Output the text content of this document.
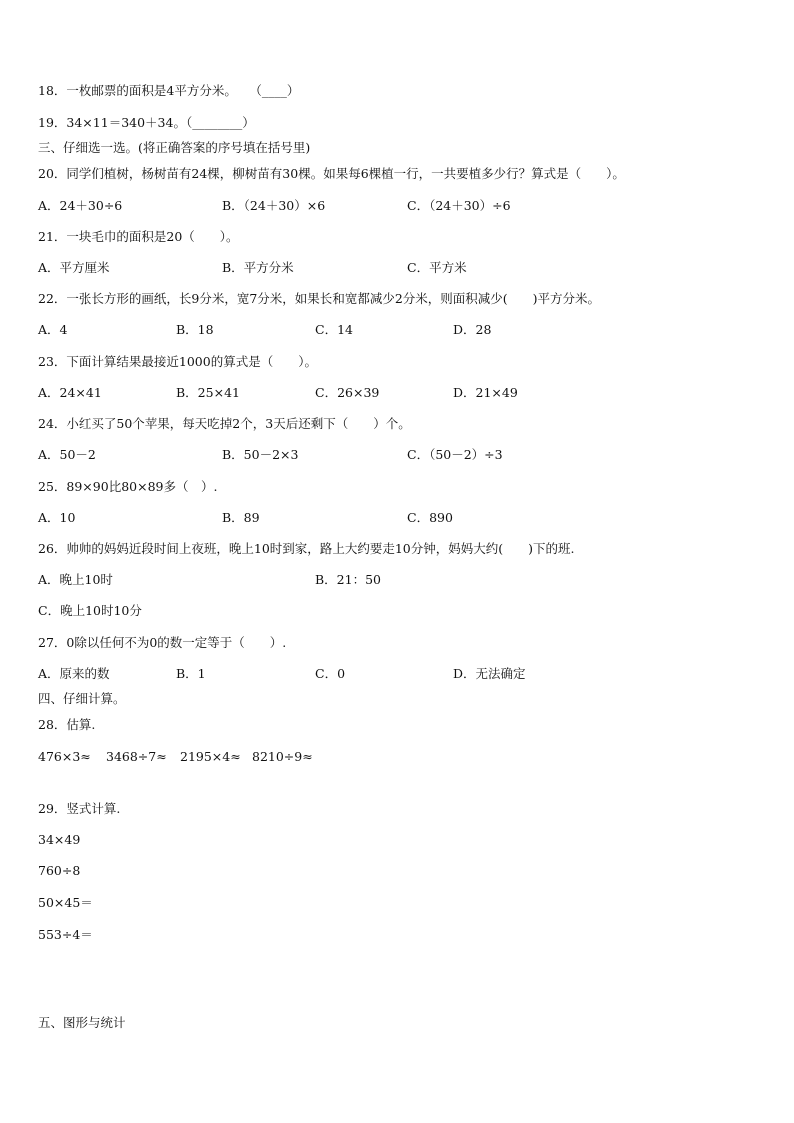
18．一枚邮票的面积是4平方分米。　　（____）
19．34×11＝340＋34。（________）
三、仔细选一选。(将正确答案的序号填在括号里)
20．同学们植树，杨树苗有24棵，柳树苗有30棵。如果每6棵植一行，一共要植多少行？算式是（　　）。
A．24＋30÷6	B．（24＋30）×6	C．（24＋30）÷6
21．一块毛巾的面积是20（　　）。
A．平方厘米	B．平方分米	C．平方米
22．一张长方形的画纸，长9分米，宽7分米，如果长和宽都减少2分米，则面积减少(　　)平方分米。
A．4	B．18	C．14	D．28
23．下面计算结果最接近1000的算式是（　　）。
A．24×41	B．25×41	C．26×39	D．21×49
24．小红买了50个苹果，每天吃掉2个，3天后还剩下（　　）个。
A．50－2	B．50－2×3	C．（50－2）÷3
25．89×90比80×89多（　）.
A．10	B．89	C．890
26．帅帅的妈妈近段时间上夜班，晚上10时到家，路上大约要走10分钟，妈妈大约(　　)下的班.
A．晚上10时	B．21：50
C．晚上10时10分
27．0除以任何不为0的数一定等于（　　）.
A．原来的数	B．1	C．0	D．无法确定
四、仔细计算。
28．估算.
476×3≈ 3468÷7≈ 2195×4≈ 8210÷9≈
29．竖式计算.
34×49
760÷8
50×45＝
553÷4＝
五、图形与统计
